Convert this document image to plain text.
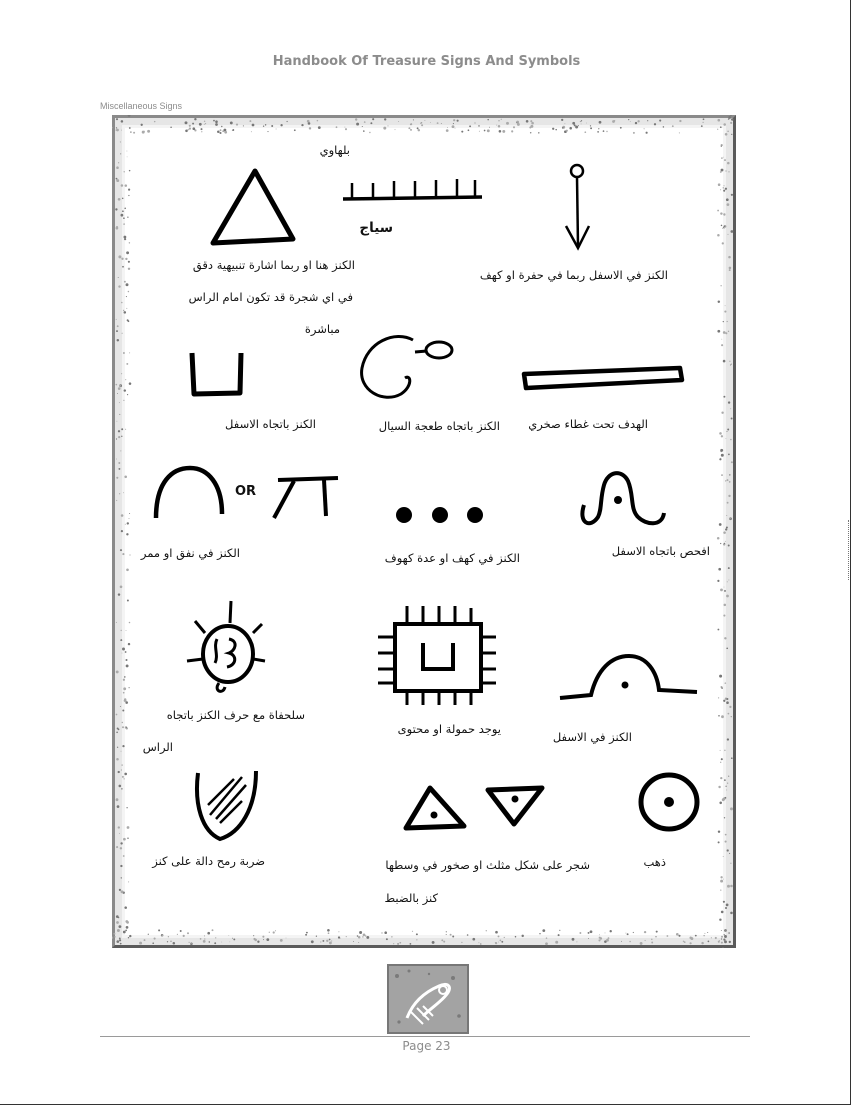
Handbook Of Treasure Signs And Symbols
Miscellaneous Signs
بلهاوي
سياج
الكنز هنا او ربما اشارة تنبيهية دقق
في اي شجرة قد تكون امام الراس
مباشرة
الكنز في الاسفل ربما في حفرة او كهف
الكنز باتجاه الاسفل	الكنز باتجاه طعجة السيال الهدف تحت غطاء صخري
OR
الكنز في نفق او ممر	الكنز في كهف او عدة كهوف	افحص باتجاه الاسفل
سلحفاة مع حرف الكنز باتجاه
الراس
يوجد حمولة او محتوى
الكنز في الاسفل
ضربة رمح دالة على كنز	شجر على شكل مثلث او صخور في وسطها
كنز بالضبط
ذهب
Page 23
